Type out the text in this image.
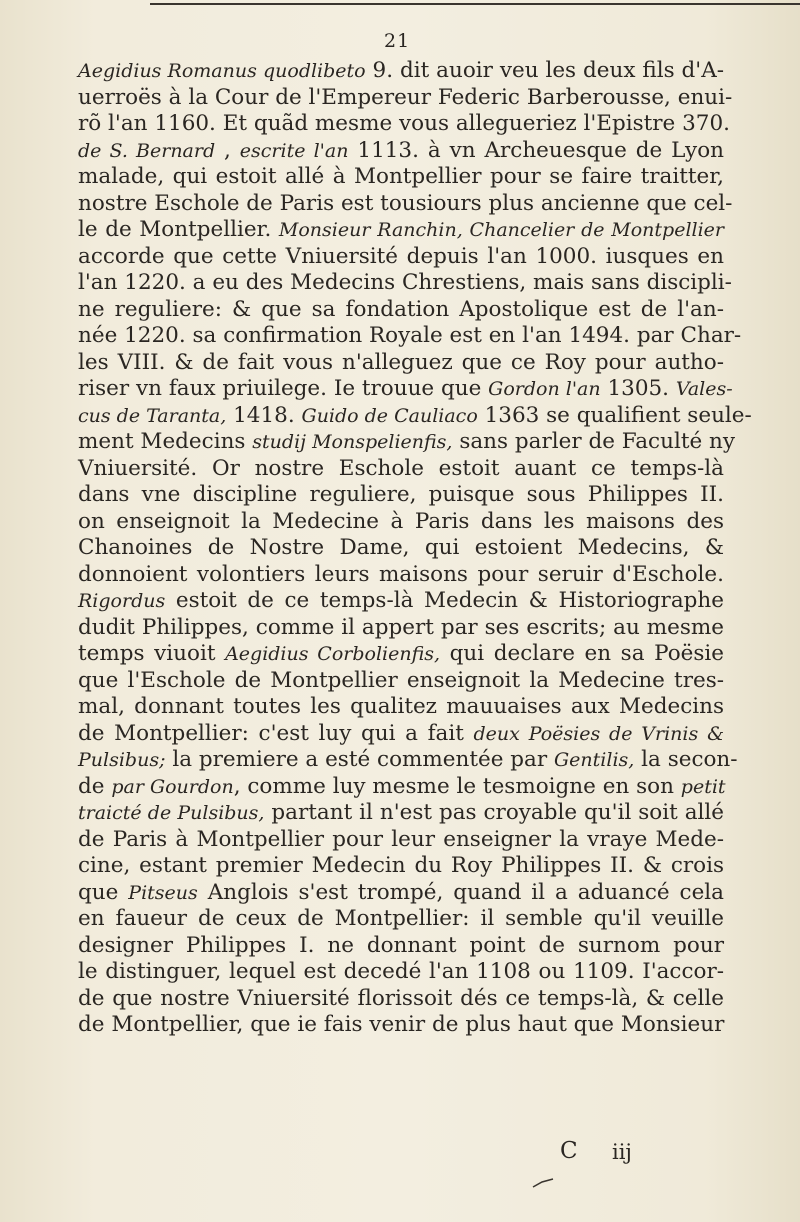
21
Aegidius Romanus quodlibeto 9. dit auoir veu les deux fils d'A-
uerroës à la Cour de l'Empereur Federic Barberousse, enui-
rõ l'an 1160. Et quãd mesme vous allegueriez l'Epistre 370.
de S. Bernard , escrite l'an 1113. à vn Archeuesque de Lyon
malade, qui estoit allé à Montpellier pour se faire traitter,
nostre Eschole de Paris est tousiours plus ancienne que cel-
le de Montpellier. Monsieur Ranchin, Chancelier de Montpellier
accorde que cette Vniuersité depuis l'an 1000. iusques en
l'an 1220. a eu des Medecins Chrestiens, mais sans discipli-
ne reguliere: & que sa fondation Apostolique est de l'an-
née 1220. sa confirmation Royale est en l'an 1494. par Char-
les VIII. & de fait vous n'alleguez que ce Roy pour autho-
riser vn faux priuilege. Ie trouue que Gordon l'an 1305. Vales-
cus de Taranta, 1418. Guido de Cauliaco 1363 se qualifient seule-
ment Medecins studij Monspelienfis, sans parler de Faculté ny
Vniuersité. Or nostre Eschole estoit auant ce temps-là
dans vne discipline reguliere, puisque sous Philippes II.
on enseignoit la Medecine à Paris dans les maisons des
Chanoines de Nostre Dame, qui estoient Medecins, &
donnoient volontiers leurs maisons pour seruir d'Eschole.
Rigordus estoit de ce temps-là Medecin & Historiographe
dudit Philippes, comme il appert par ses escrits; au mesme
temps viuoit Aegidius Corbolienfis, qui declare en sa Poësie
que l'Eschole de Montpellier enseignoit la Medecine tres-
mal, donnant toutes les qualitez mauuaises aux Medecins
de Montpellier: c'est luy qui a fait deux Poësies de Vrinis &
Pulsibus; la premiere a esté commentée par Gentilis, la secon-
de par Gourdon, comme luy mesme le tesmoigne en son petit
traicté de Pulsibus, partant il n'est pas croyable qu'il soit allé
de Paris à Montpellier pour leur enseigner la vraye Mede-
cine, estant premier Medecin du Roy Philippes II. & crois
que Pitseus Anglois s'est trompé, quand il a aduancé cela
en faueur de ceux de Montpellier: il semble qu'il veuille
designer Philippes I. ne donnant point de surnom pour
le distinguer, lequel est decedé l'an 1108 ou 1109. I'accor-
de que nostre Vniuersité florissoit dés ce temps-là, & celle
de Montpellier, que ie fais venir de plus haut que Monsieur
C iij
